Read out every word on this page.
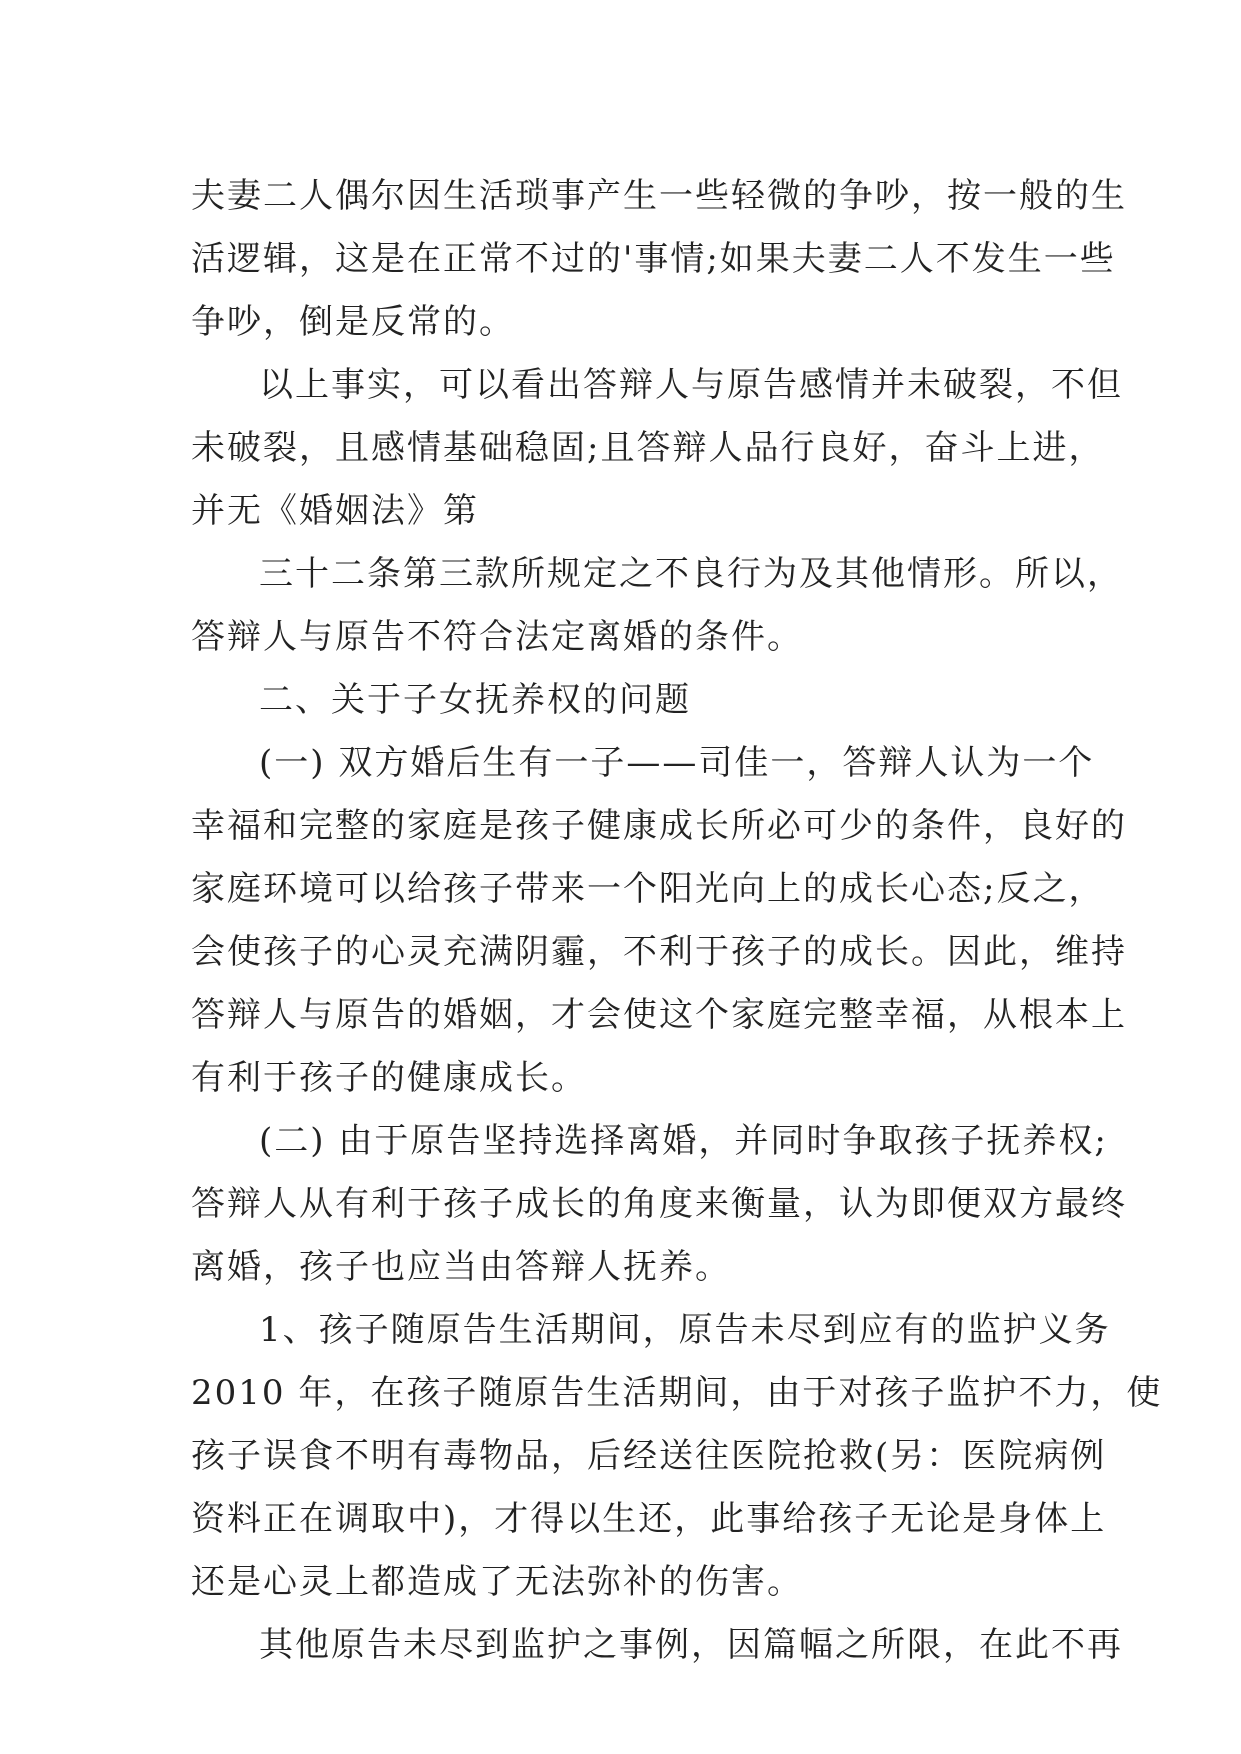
夫妻二人偶尔因生活琐事产生一些轻微的争吵，按一般的生
活逻辑，这是在正常不过的'事情;如果夫妻二人不发生一些
争吵，倒是反常的。
以上事实，可以看出答辩人与原告感情并未破裂，不但
未破裂，且感情基础稳固;且答辩人品行良好，奋斗上进，
并无《婚姻法》第
三十二条第三款所规定之不良行为及其他情形。所以，
答辩人与原告不符合法定离婚的条件。
二、关于子女抚养权的问题
(一) 双方婚后生有一子——司佳一，答辩人认为一个
幸福和完整的家庭是孩子健康成长所必可少的条件，良好的
家庭环境可以给孩子带来一个阳光向上的成长心态;反之，
会使孩子的心灵充满阴霾，不利于孩子的成长。因此，维持
答辩人与原告的婚姻，才会使这个家庭完整幸福，从根本上
有利于孩子的健康成长。
(二) 由于原告坚持选择离婚，并同时争取孩子抚养权;
答辩人从有利于孩子成长的角度来衡量，认为即便双方最终
离婚，孩子也应当由答辩人抚养。
1、孩子随原告生活期间，原告未尽到应有的监护义务
2010 年，在孩子随原告生活期间，由于对孩子监护不力，使
孩子误食不明有毒物品，后经送往医院抢救(另：医院病例
资料正在调取中)，才得以生还，此事给孩子无论是身体上
还是心灵上都造成了无法弥补的伤害。
其他原告未尽到监护之事例，因篇幅之所限，在此不再
